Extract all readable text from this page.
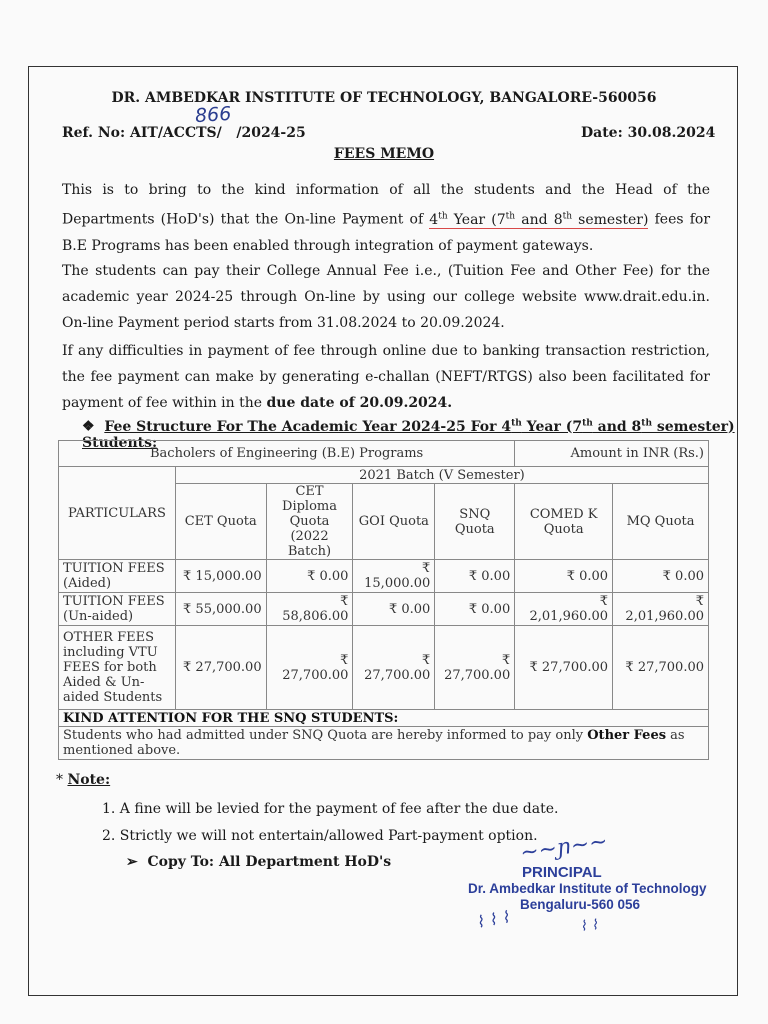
DR. AMBEDKAR INSTITUTE OF TECHNOLOGY, BANGALORE-560056
866
Ref. No: AIT/ACCTS/   /2024-25	Date: 30.08.2024
FEES MEMO
This is to bring to the kind information of all the students and the Head of the Departments (HoD's) that the On-line Payment of 4th Year (7th and 8th semester) fees for B.E Programs has been enabled through integration of payment gateways.
The students can pay their College Annual Fee i.e., (Tuition Fee and Other Fee) for the academic year 2024-25 through On-line by using our college website www.drait.edu.in. On-line Payment period starts from 31.08.2024 to 20.09.2024.
If any difficulties in payment of fee through online due to banking transaction restriction, the fee payment can make by generating e-challan (NEFT/RTGS) also been facilitated for payment of fee within in the due date of 20.09.2024.
❖ Fee Structure For The Academic Year 2024-25 For 4th Year (7th and 8th semester) Students:
Bacholers of Engineering (B.E) Programs					Amount in INR (Rs.)	
PARTICULARS	2021 Batch (V Semester)					
	CET Quota	CET Diploma Quota (2022 Batch)	GOI Quota	SNQ Quota	COMED K Quota	MQ Quota
TUITION FEES (Aided)	₹ 15,000.00	₹ 0.00	₹ 15,000.00	₹ 0.00	₹ 0.00	₹ 0.00
TUITION FEES (Un-aided)	₹ 55,000.00	₹ 58,806.00	₹ 0.00	₹ 0.00	₹ 2,01,960.00	₹ 2,01,960.00
OTHER FEES including VTU FEES for both Aided & Un-aided Students	₹ 27,700.00	₹ 27,700.00	₹ 27,700.00	₹ 27,700.00	₹ 27,700.00	₹ 27,700.00
KIND ATTENTION FOR THE SNQ STUDENTS:						
Students who had admitted under SNQ Quota are hereby informed to pay only Other Fees as mentioned above.						
* Note:
1. A fine will be levied for the payment of fee after the due date.
2. Strictly we will not entertain/allowed Part-payment option.
➢ Copy To: All Department HoD's	~~ɲ~~
PRINCIPAL
Dr. Ambedkar Institute of Technology
Bengaluru-560 056
⌇ ⌇ ⌇	⌇ ⌇
